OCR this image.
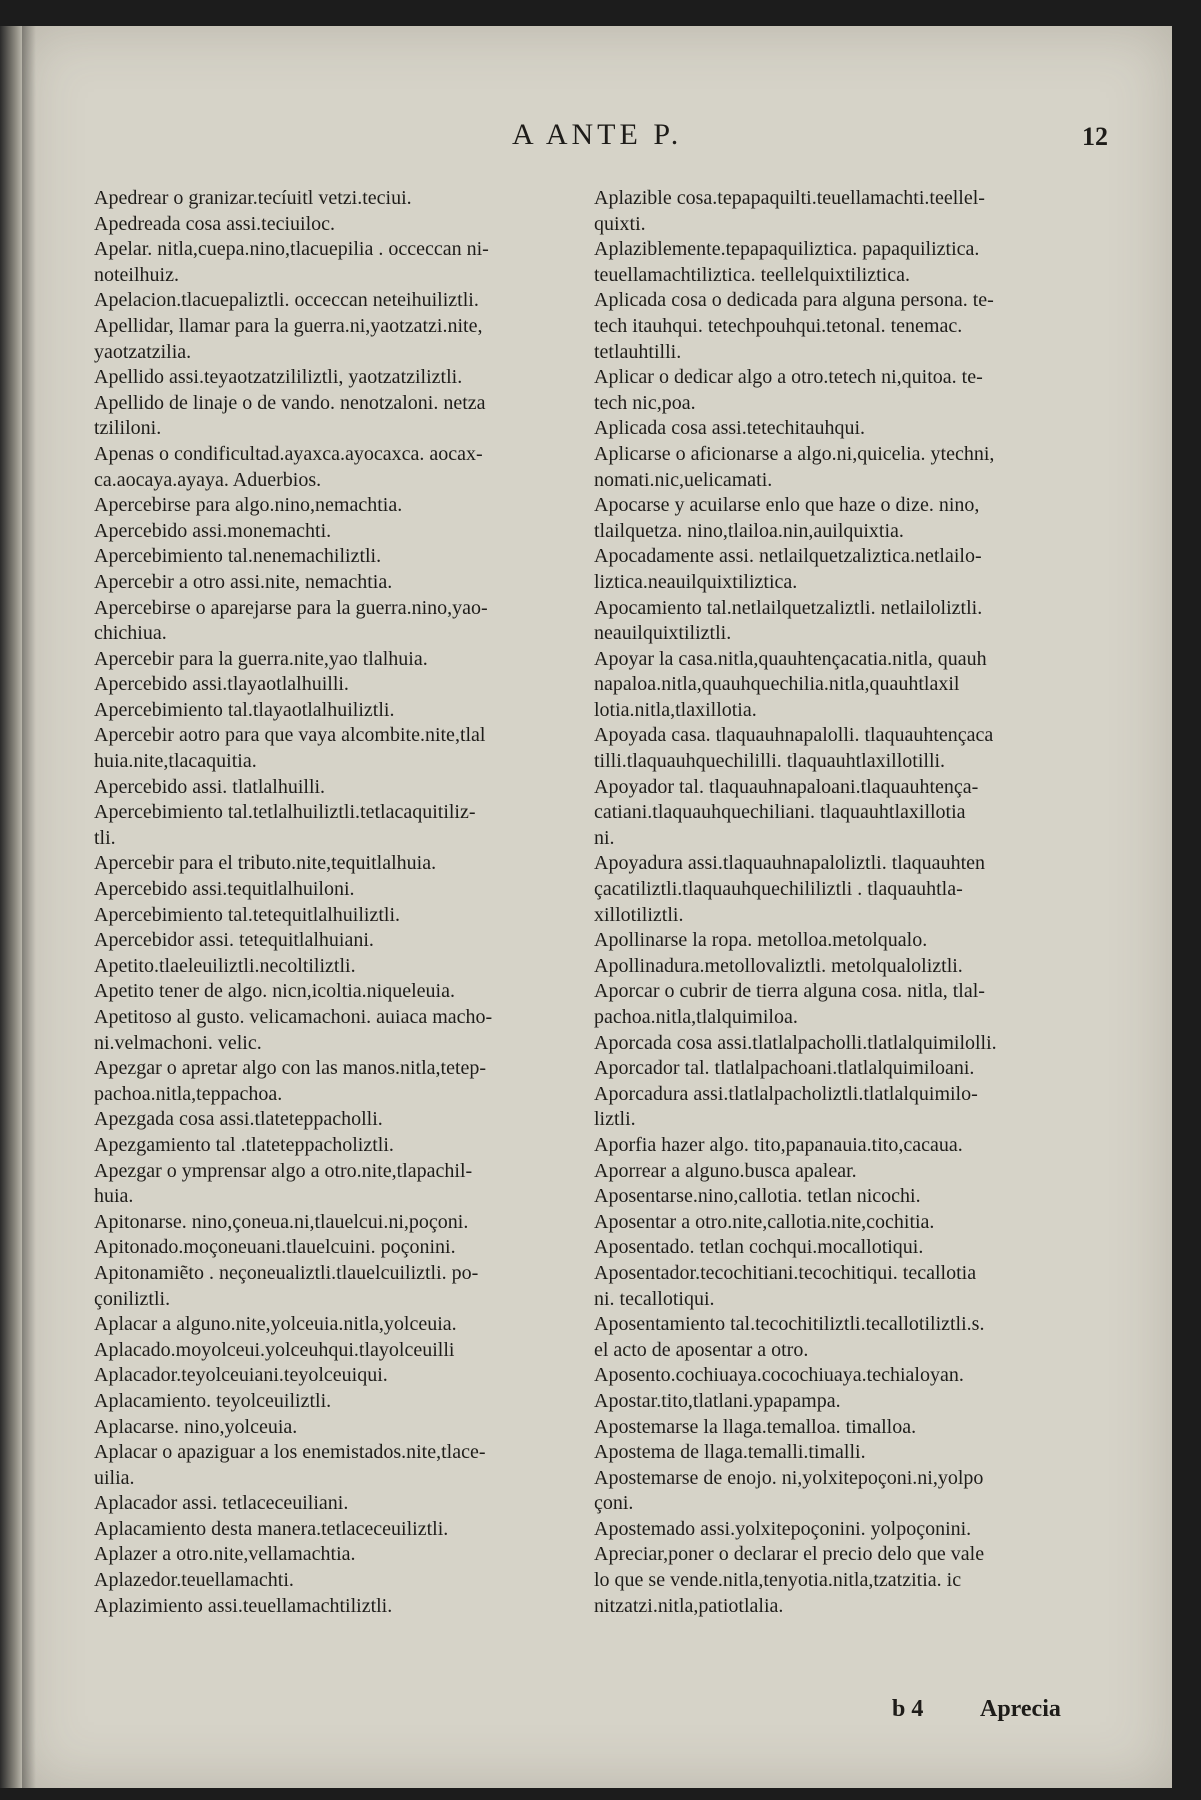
A ANTE P.	12
Apedrear o granizar.tecíuitl vetzi.teciui.
Apedreada cosa assi.teciuiloc.
Apelar. nitla,cuepa.nino,tlacuepilia . occeccan ni-
noteilhuiz.
Apelacion.tlacuepaliztli. occeccan neteihuiliztli.
Apellidar, llamar para la guerra.ni,yaotzatzi.nite,
yaotzatzilia.
Apellido assi.teyaotzatzililiztli, yaotzatziliztli.
Apellido de linaje o de vando. nenotzaloni. netza
tzililoni.
Apenas o condificultad.ayaxca.ayocaxca. aocax-
ca.aocaya.ayaya. Aduerbios.
Apercebirse para algo.nino,nemachtia.
Apercebido assi.monemachti.
Apercebimiento tal.nenemachiliztli.
Apercebir a otro assi.nite, nemachtia.
Apercebirse o aparejarse para la guerra.nino,yao-
chichiua.
Apercebir para la guerra.nite,yao tlalhuia.
Apercebido assi.tlayaotlalhuilli.
Apercebimiento tal.tlayaotlalhuiliztli.
Apercebir aotro para que vaya alcombite.nite,tlal
huia.nite,tlacaquitia.
Apercebido assi. tlatlalhuilli.
Apercebimiento tal.tetlalhuiliztli.tetlacaquitiliz-
tli.
Apercebir para el tributo.nite,tequitlalhuia.
Apercebido assi.tequitlalhuiloni.
Apercebimiento tal.tetequitlalhuiliztli.
Apercebidor assi. tetequitlalhuiani.
Apetito.tlaeleuiliztli.necoltiliztli.
Apetito tener de algo. nicn,icoltia.niqueleuia.
Apetitoso al gusto. velicamachoni. auiaca macho-
ni.velmachoni. velic.
Apezgar o apretar algo con las manos.nitla,tetep-
pachoa.nitla,teppachoa.
Apezgada cosa assi.tlateteppacholli.
Apezgamiento tal .tlateteppacholiztli.
Apezgar o ymprensar algo a otro.nite,tlapachil-
huia.
Apitonarse. nino,çoneua.ni,tlauelcui.ni,poçoni.
Apitonado.moçoneuani.tlauelcuini. poçonini.
Apitonamiẽto . neçoneualiztli.tlauelcuiliztli. po-
çoniliztli.
Aplacar a alguno.nite,yolceuia.nitla,yolceuia.
Aplacado.moyolceui.yolceuhqui.tlayolceuilli
Aplacador.teyolceuiani.teyolceuiqui.
Aplacamiento. teyolceuiliztli.
Aplacarse. nino,yolceuia.
Aplacar o apaziguar a los enemistados.nite,tlace-
uilia.
Aplacador assi. tetlaceceuiliani.
Aplacamiento desta manera.tetlaceceuiliztli.
Aplazer a otro.nite,vellamachtia.
Aplazedor.teuellamachti.
Aplazimiento assi.teuellamachtiliztli.
Aplazible cosa.tepapaquilti.teuellamachti.teellel-
quixti.
Aplaziblemente.tepapaquiliztica. papaquiliztica.
teuellamachtiliztica. teellelquixtiliztica.
Aplicada cosa o dedicada para alguna persona. te-
tech itauhqui. tetechpouhqui.tetonal. tenemac.
tetlauhtilli.
Aplicar o dedicar algo a otro.tetech ni,quitoa. te-
tech nic,poa.
Aplicada cosa assi.tetechitauhqui.
Aplicarse o aficionarse a algo.ni,quicelia. ytechni,
nomati.nic,uelicamati.
Apocarse y acuilarse enlo que haze o dize. nino,
tlailquetza. nino,tlailoa.nin,auilquixtia.
Apocadamente assi. netlailquetzaliztica.netlailo-
liztica.neauilquixtiliztica.
Apocamiento tal.netlailquetzaliztli. netlailoliztli.
neauilquixtiliztli.
Apoyar la casa.nitla,quauhtençacatia.nitla, quauh
napaloa.nitla,quauhquechilia.nitla,quauhtlaxil
lotia.nitla,tlaxillotia.
Apoyada casa. tlaquauhnapalolli. tlaquauhtençaca
tilli.tlaquauhquechililli. tlaquauhtlaxillotilli.
Apoyador tal. tlaquauhnapaloani.tlaquauhtença-
catiani.tlaquauhquechiliani. tlaquauhtlaxillotia
ni.
Apoyadura assi.tlaquauhnapaloliztli. tlaquauhten
çacatiliztli.tlaquauhquechililiztli . tlaquauhtla-
xillotiliztli.
Apollinarse la ropa. metolloa.metolqualo.
Apollinadura.metollovaliztli. metolqualoliztli.
Aporcar o cubrir de tierra alguna cosa. nitla, tlal-
pachoa.nitla,tlalquimiloa.
Aporcada cosa assi.tlatlalpacholli.tlatlalquimilolli.
Aporcador tal. tlatlalpachoani.tlatlalquimiloani.
Aporcadura assi.tlatlalpacholiztli.tlatlalquimilo-
liztli.
Aporfia hazer algo. tito,papanauia.tito,cacaua.
Aporrear a alguno.busca apalear.
Aposentarse.nino,callotia. tetlan nicochi.
Aposentar a otro.nite,callotia.nite,cochitia.
Aposentado. tetlan cochqui.mocallotiqui.
Aposentador.tecochitiani.tecochitiqui. tecallotia
ni. tecallotiqui.
Aposentamiento tal.tecochitiliztli.tecallotiliztli.s.
el acto de aposentar a otro.
Aposento.cochiuaya.cocochiuaya.techialoyan.
Apostar.tito,tlatlani.ypapampa.
Apostemarse la llaga.temalloa. timalloa.
Apostema de llaga.temalli.timalli.
Apostemarse de enojo. ni,yolxitepoçoni.ni,yolpo
çoni.
Apostemado assi.yolxitepoçonini. yolpoçonini.
Apreciar,poner o declarar el precio delo que vale
lo que se vende.nitla,tenyotia.nitla,tzatzitia. ic
nitzatzi.nitla,patiotlalia.
b 4 Aprecia
